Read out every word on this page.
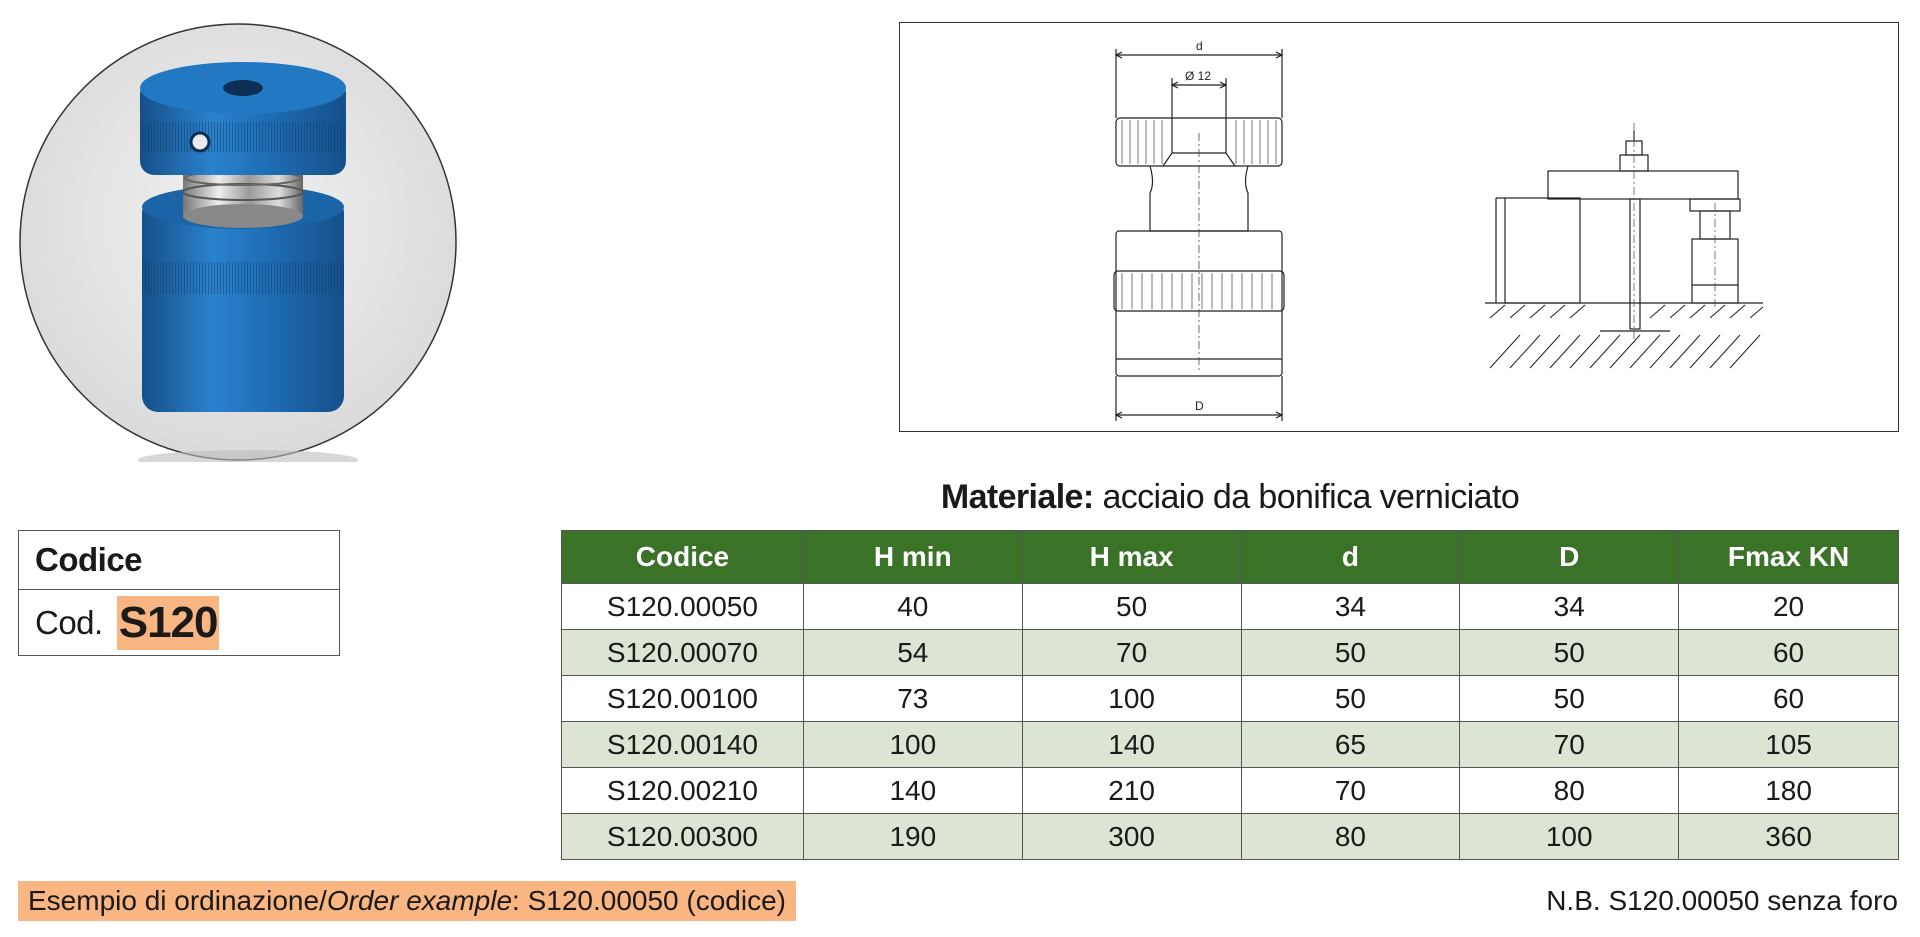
d
Ø 12
D
Materiale: acciaio da bonifica verniciato
Codice
Cod. S120
Codice	H min	H max	d	D	Fmax KN
S120.00050	40	50	34	34	20
S120.00070	54	70	50	50	60
S120.00100	73	100	50	50	60
S120.00140	100	140	65	70	105
S120.00210	140	210	70	80	180
S120.00300	190	300	80	100	360
Esempio di ordinazione/Order example: S120.00050 (codice)	N.B. S120.00050 senza foro
